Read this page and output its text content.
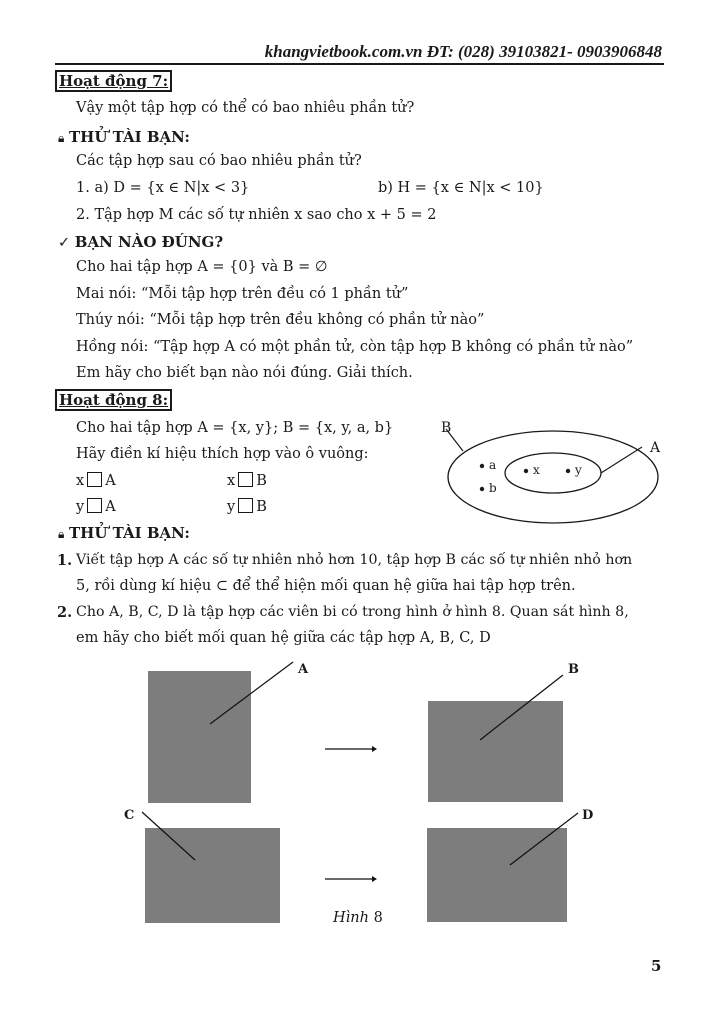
khangvietbook.com.vn ĐT: (028) 39103821- 0903906848
Hoạt động 7:
Vậy một tập hợp có thể có bao nhiêu phần tử?
🔒︎ THỬ TÀI BẠN:
Các tập hợp sau có bao nhiêu phần tử?
1. a) D = {x ∈ N|x < 3}	b) H = {x ∈ N|x < 10}
2. Tập hợp M các số tự nhiên x sao cho x + 5 = 2
✓ BẠN NÀO ĐÚNG?
Cho hai tập hợp A = {0} và B = ∅
Mai nói: “Mỗi tập hợp trên đều có 1 phần tử”
Thúy nói: “Mỗi tập hợp trên đều không có phần tử nào”
Hồng nói: “Tập hợp A có một phần tử, còn tập hợp B không có phần tử nào”
Em hãy cho biết bạn nào nói đúng. Giải thích.
Hoạt động 8:
Cho hai tập hợp A = {x, y}; B = {x, y, a, b}
Hãy điền kí hiệu thích hợp vào ô vuông:
x A	x B
y A	y B
B
A
a
b
x	y
🔒︎ THỬ TÀI BẠN:
1. Viết tập hợp A các số tự nhiên nhỏ hơn 10, tập hợp B các số tự nhiên nhỏ hơn
5, rồi dùng kí hiệu ⊂ để thể hiện mối quan hệ giữa hai tập hợp trên.
2. Cho A, B, C, D là tập hợp các viên bi có trong hình ở hình 8. Quan sát hình 8,
em hãy cho biết mối quan hệ giữa các tập hợp A, B, C, D
A	B
C	D
Hình 8
5
